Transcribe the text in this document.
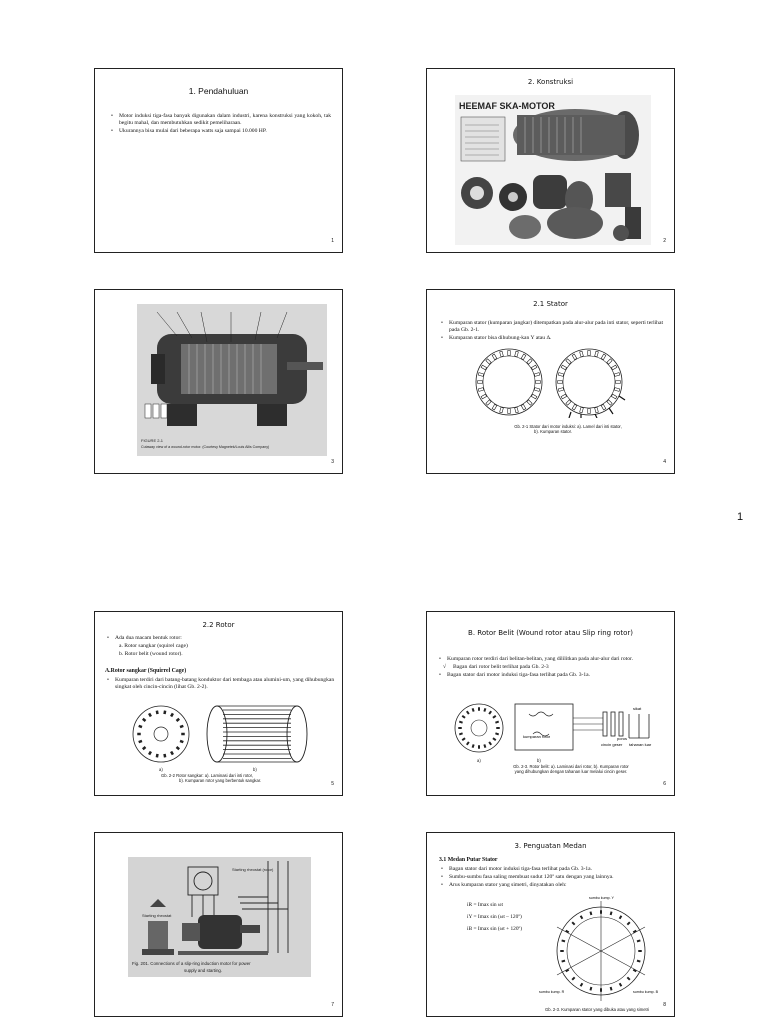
1. Pendahuluan
• Motor induksi tiga-fasa banyak digunakan dalam industri, karena konstruksi yang kokoh, tak begitu mahal, dan membutuhkan sedikit pemeliharaan.
• Ukurannya bisa mulai dari beberapa watts saja sampai 10.000 HP.
1
2. Konstruksi
HEEMAF SKA-MOTOR
2
FIGURE 2-1
Cutaway view of a wound-rotor motor. (Courtesy Magnetek/Louis Allis Company)
3
2.1 Stator
• Kumparan stator (kumparan jangkar) ditempatkan pada alur-alur pada inti stator, seperti terlihat pada Gb. 2-1.
• Kumparan stator bisa dihubung-kan Y atau Δ.
Gb. 2-1 Stator dari motor induksi: a). Lamel dari inti stator,
b). Kumparan stator.
4
1
2.2 Rotor
• Ada dua macam bentuk rotor:
a. Rotor sangkar (squirel cage)
b. Rotor belit (wound rotor).
A.Rotor sangkar (Squirrel Cage)
• Kumparan terdiri dari batang-batang konduktor dari tembaga atau alumini-um, yang dihubungkan singkat oleh cincin-cincin (lihat Gb. 2-2).
a)	b)
Gb. 2-2 Rotor sangkar: a). Laminasi dari inti rotor,
b). Kumparan rotor yang berbentuk sangkar.
5
B. Rotor Belit (Wound rotor atau Slip ring rotor)
• Kumparan rotor terdiri dari belitan-belitan, yang dililitkan pada alur-alur dari rotor.
√ Bagan dari rotor belit terlihat pada Gb. 2-3
• Bagan stator dari motor induksi tiga-fasa terlihat pada Gb. 3-1a.
kumparan rotor
sikat
cincin geser tahanan luar
poros
a)	b)
Gb. 2-3. Rotor belit: a). Laminasi dari rotor, b). Kumparan rotor
yang dihubungkan dengan tahanan luar melalui cincin geser.
6
Starting rheostat (rotor)
Starting rheostat
Fig. 201. Connections of a slip-ring induction motor for power
supply and starting.
7
3. Penguatan Medan
3.1 Medan Putar Stator
• Bagan stator dari motor induksi tiga-fasa terlihat pada Gb. 3-1a.
• Sumbu-sumbu fasa saling membuat sudut 120º satu dengan yang lainnya.
• Arus kumparan stator yang simetri, dinyatakan oleh:
iR = Imax sin ωt
iY = Imax sin (ωt – 120º)
iB = Imax sin (ωt + 120º)
sumbu kump. Y
sumbu kump. R	sumbu kump. B
Gb. 2-3. Kumparan stator yang dibuka atau yang simetri
8
